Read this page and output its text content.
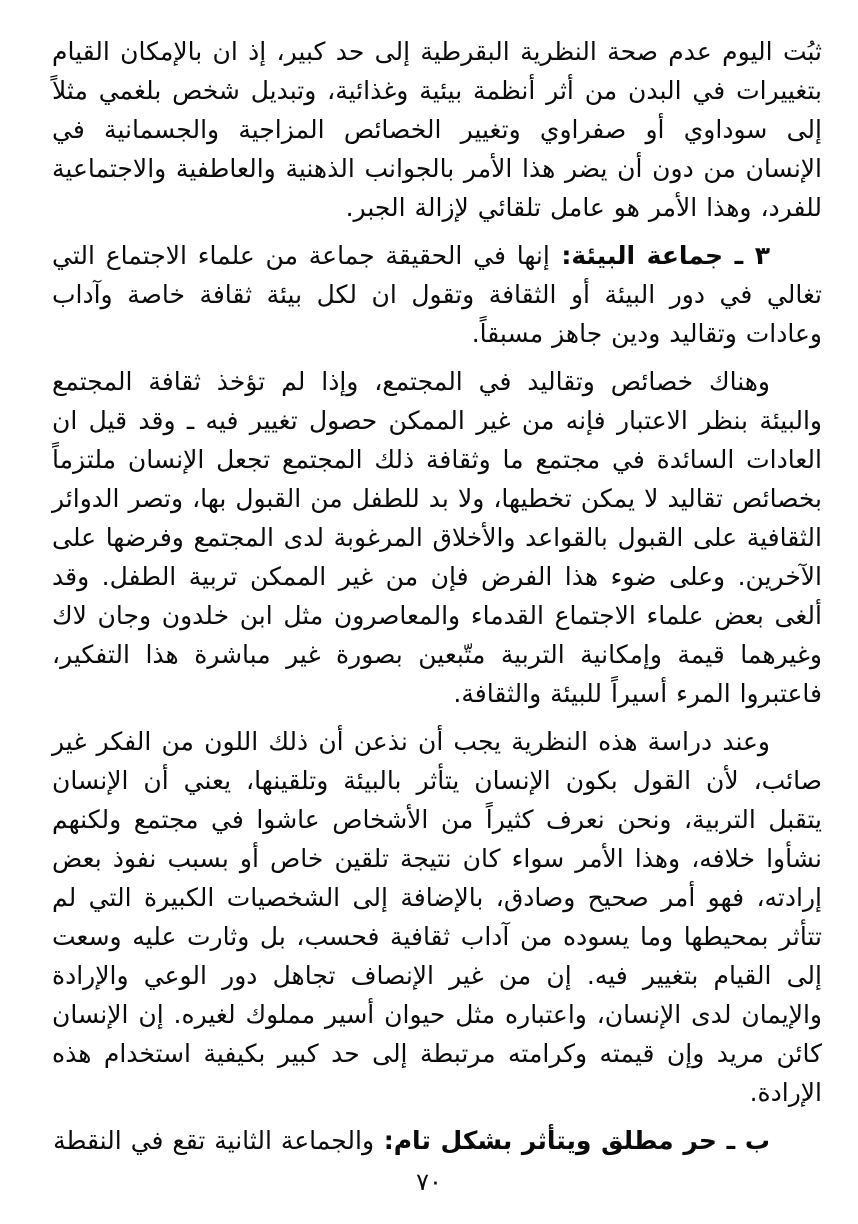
ثبُت اليوم عدم صحة النظرية البقرطية إلى حد كبير، إذ ان بالإمكان القيام بتغييرات في البدن من أثر أنظمة بيئية وغذائية، وتبديل شخص بلغمي مثلاً إلى سوداوي أو صفراوي وتغيير الخصائص المزاجية والجسمانية في الإنسان من دون أن يضر هذا الأمر بالجوانب الذهنية والعاطفية والاجتماعية للفرد، وهذا الأمر هو عامل تلقائي لإزالة الجبر.

٣ ـ جماعة البيئة: إنها في الحقيقة جماعة من علماء الاجتماع التي تغالي في دور البيئة أو الثقافة وتقول ان لكل بيئة ثقافة خاصة وآداب وعادات وتقاليد ودين جاهز مسبقاً.

وهناك خصائص وتقاليد في المجتمع، وإذا لم تؤخذ ثقافة المجتمع والبيئة بنظر الاعتبار فإنه من غير الممكن حصول تغيير فيه ـ وقد قيل ان العادات السائدة في مجتمع ما وثقافة ذلك المجتمع تجعل الإنسان ملتزماً بخصائص تقاليد لا يمكن تخطيها، ولا بد للطفل من القبول بها، وتصر الدوائر الثقافية على القبول بالقواعد والأخلاق المرغوبة لدى المجتمع وفرضها على الآخرين. وعلى ضوء هذا الفرض فإن من غير الممكن تربية الطفل. وقد ألغى بعض علماء الاجتماع القدماء والمعاصرون مثل ابن خلدون وجان لاك وغيرهما قيمة وإمكانية التربية متّبعين بصورة غير مباشرة هذا التفكير، فاعتبروا المرء أسيراً للبيئة والثقافة.

وعند دراسة هذه النظرية يجب أن نذعن أن ذلك اللون من الفكر غير صائب، لأن القول بكون الإنسان يتأثر بالبيئة وتلقينها، يعني أن الإنسان يتقبل التربية، ونحن نعرف كثيراً من الأشخاص عاشوا في مجتمع ولكنهم نشأوا خلافه، وهذا الأمر سواء كان نتيجة تلقين خاص أو بسبب نفوذ بعض إرادته، فهو أمر صحيح وصادق، بالإضافة إلى الشخصيات الكبيرة التي لم تتأثر بمحيطها وما يسوده من آداب ثقافية فحسب، بل وثارت عليه وسعت إلى القيام بتغيير فيه. إن من غير الإنصاف تجاهل دور الوعي والإرادة والإيمان لدى الإنسان، واعتباره مثل حيوان أسير مملوك لغيره. إن الإنسان كائن مريد وإن قيمته وكرامته مرتبطة إلى حد كبير بكيفية استخدام هذه الإرادة.

ب ـ حر مطلق ويتأثر بشكل تام: والجماعة الثانية تقع في النقطة

٧٠
